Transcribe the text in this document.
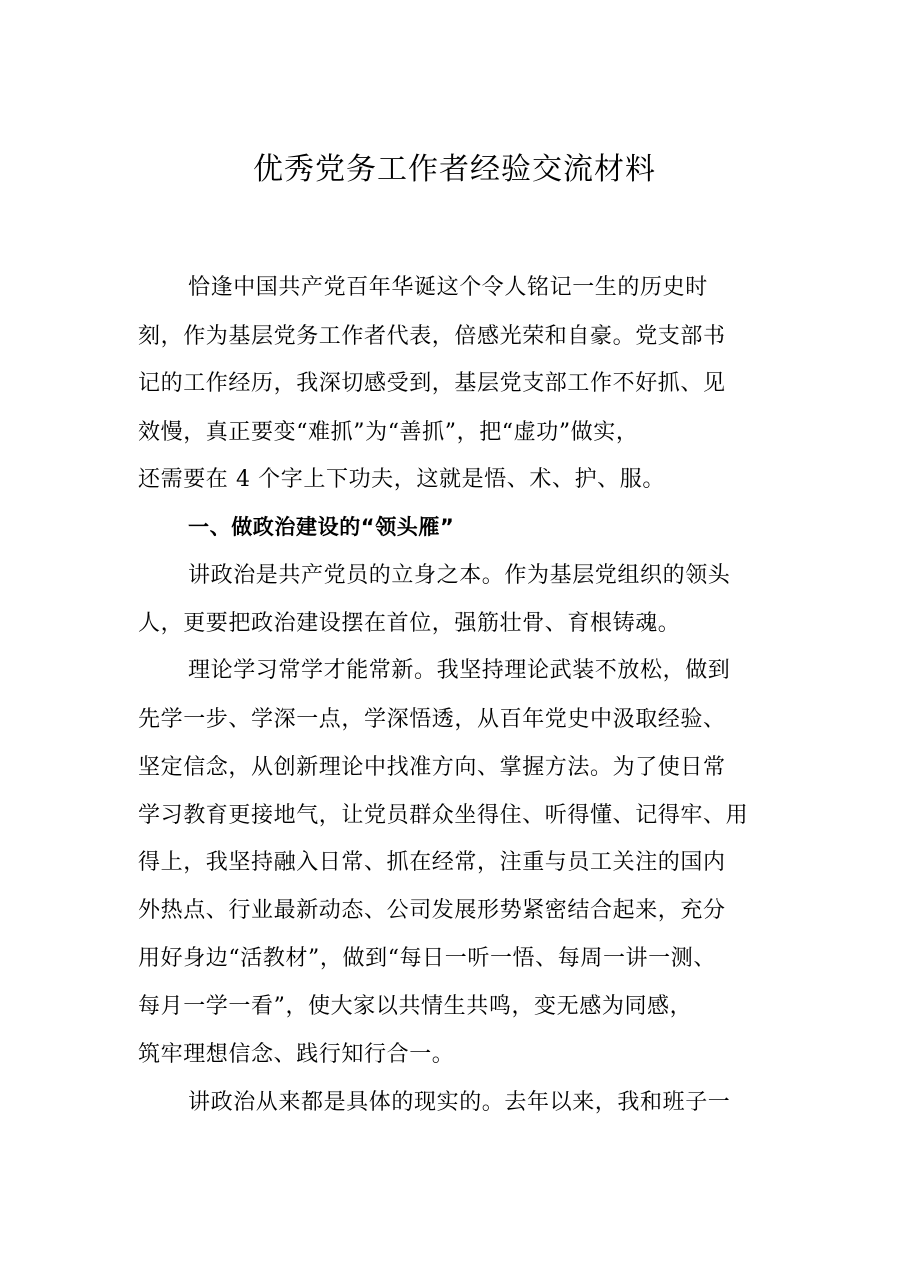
优秀党务工作者经验交流材料
恰逢中国共产党百年华诞这个令人铭记一生的历史时
刻，作为基层党务工作者代表，倍感光荣和自豪。党支部书
记的工作经历，我深切感受到，基层党支部工作不好抓、见
效慢，真正要变“难抓”为“善抓”，把“虚功”做实，
还需要在 4 个字上下功夫，这就是悟、术、护、服。
一、做政治建设的“领头雁”
讲政治是共产党员的立身之本。作为基层党组织的领头
人，更要把政治建设摆在首位，强筋壮骨、育根铸魂。
理论学习常学才能常新。我坚持理论武装不放松，做到
先学一步、学深一点，学深悟透，从百年党史中汲取经验、
坚定信念，从创新理论中找准方向、掌握方法。为了使日常
学习教育更接地气，让党员群众坐得住、听得懂、记得牢、用
得上，我坚持融入日常、抓在经常，注重与员工关注的国内
外热点、行业最新动态、公司发展形势紧密结合起来，充分
用好身边“活教材”，做到“每日一听一悟、每周一讲一测、
每月一学一看”，使大家以共情生共鸣，变无感为同感，
筑牢理想信念、践行知行合一。
讲政治从来都是具体的现实的。去年以来，我和班子一
